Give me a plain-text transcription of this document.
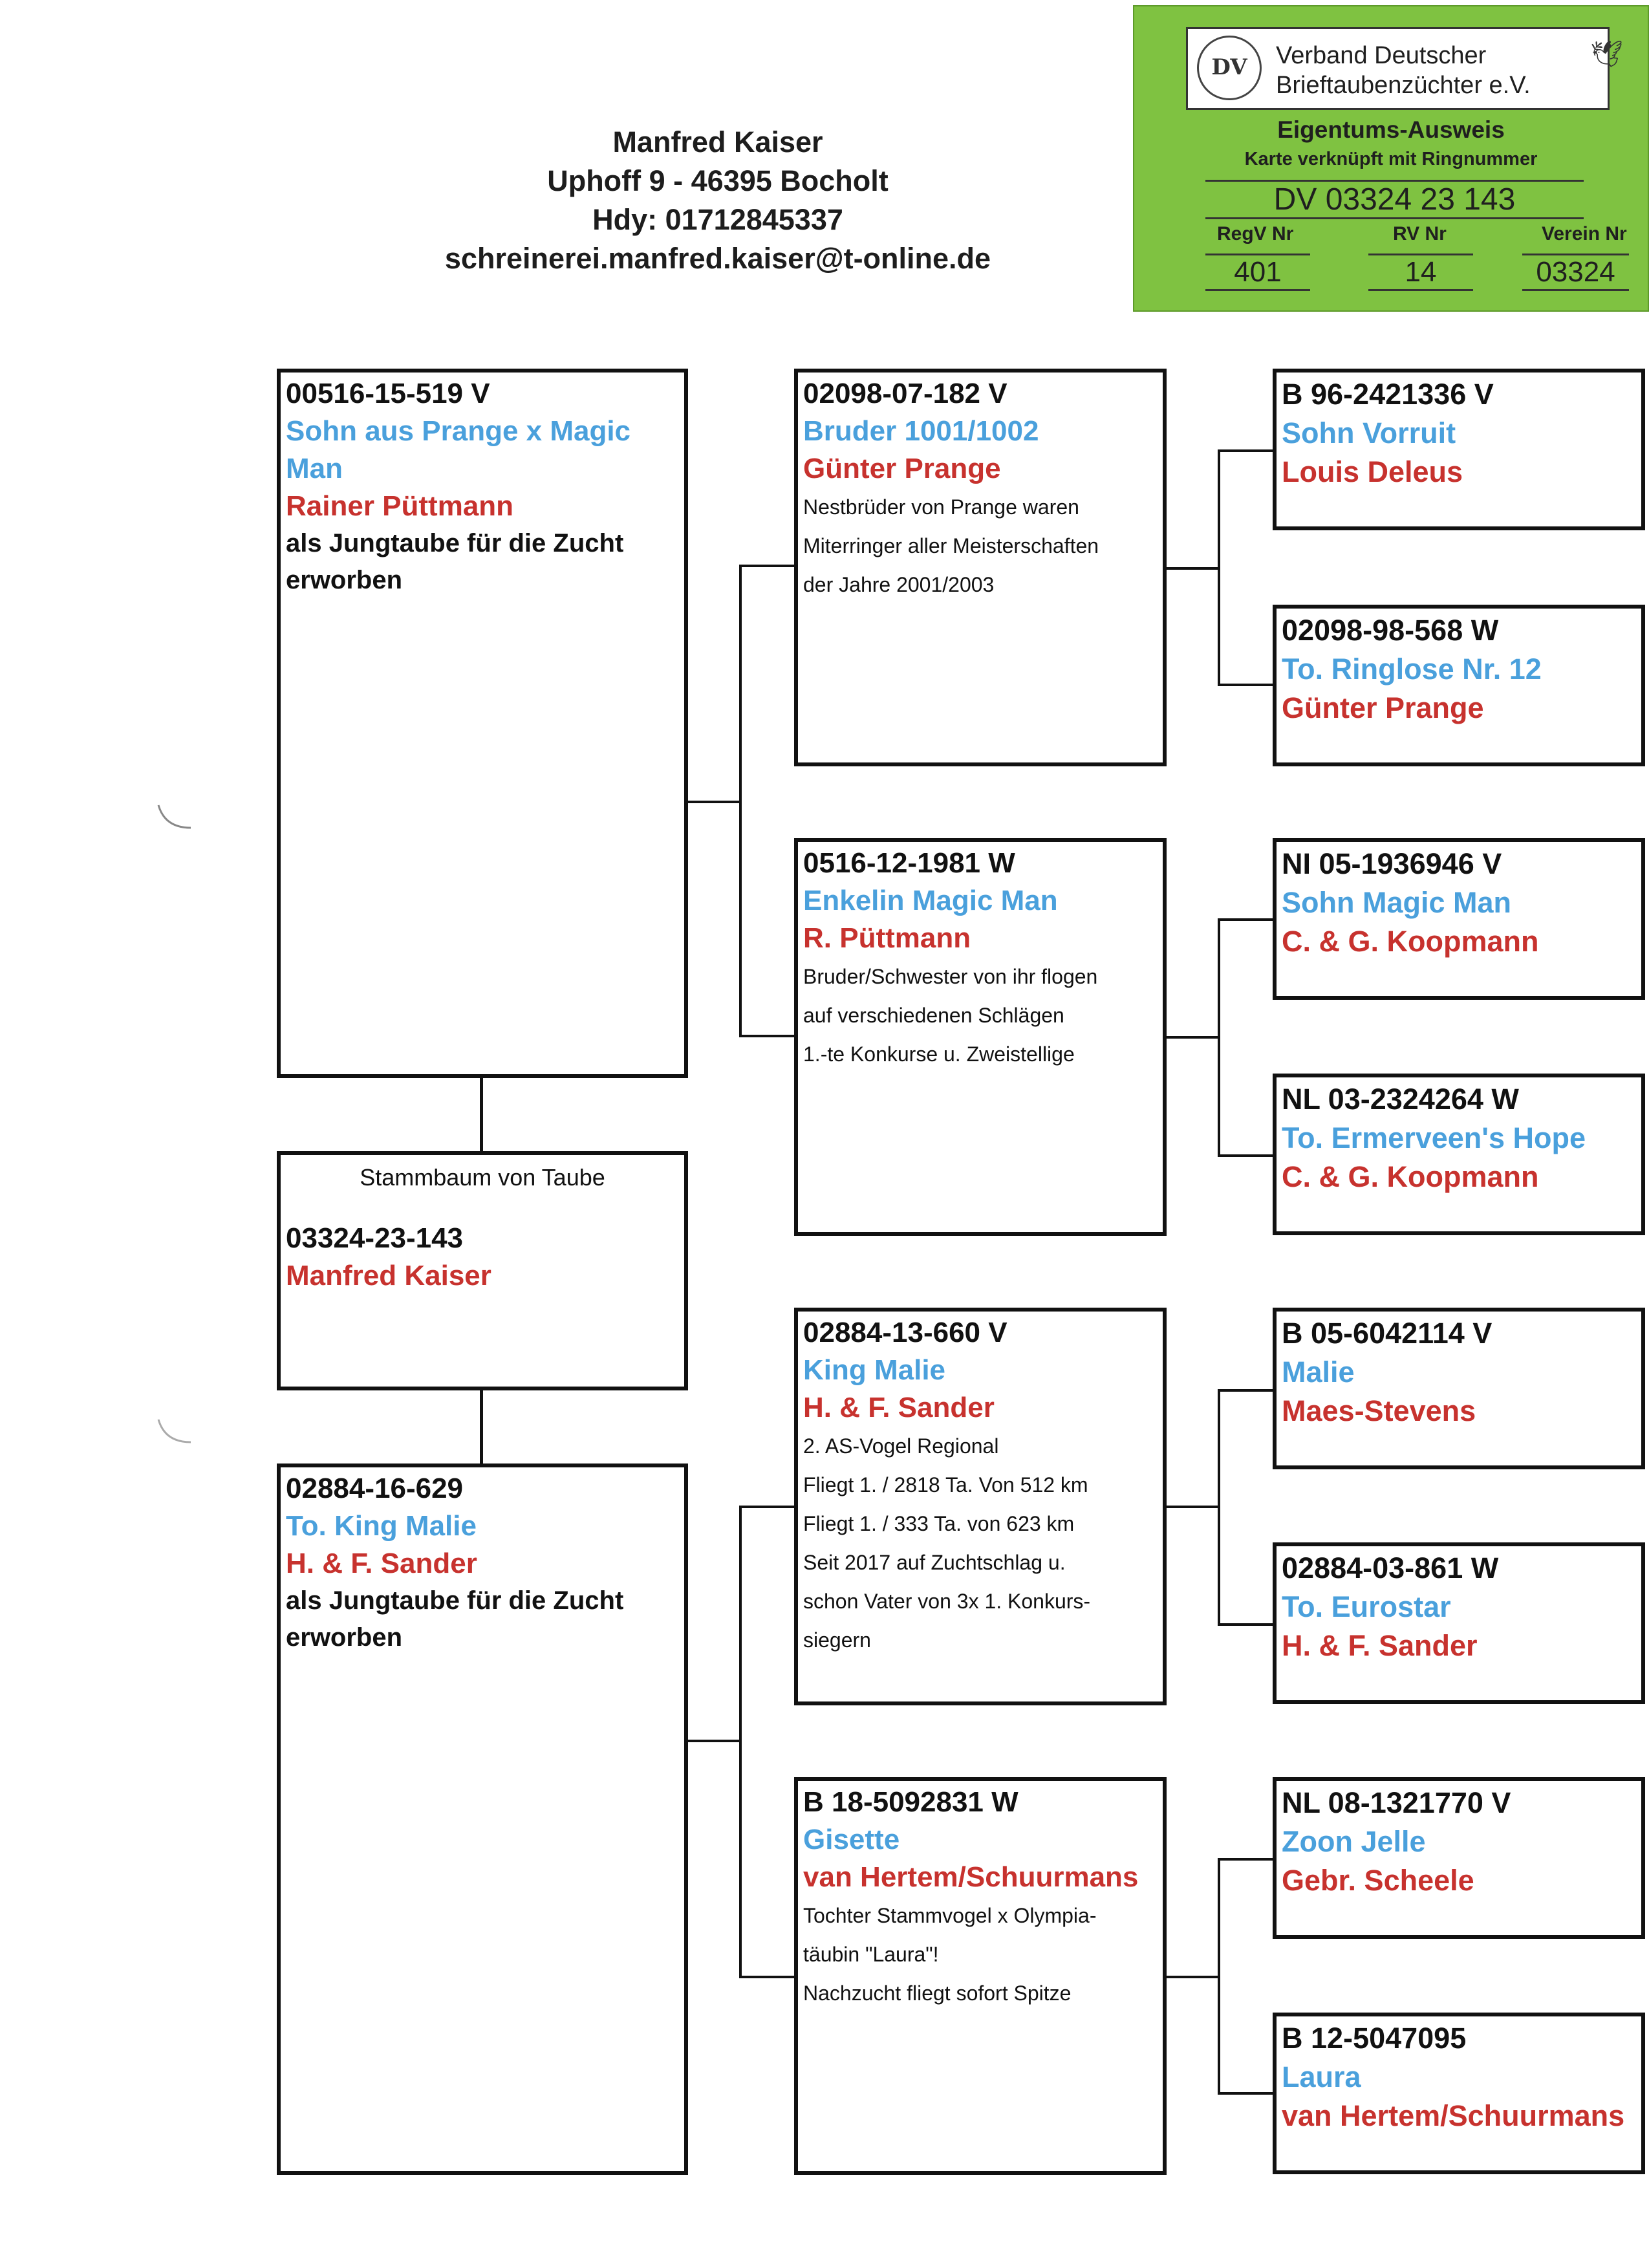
Manfred Kaiser
Uphoff 9 - 46395 Bocholt
Hdy: 01712845337
schreinerei.manfred.kaiser@t-online.de
DV	Verband Deutscher
Brieftaubenzüchter e.V.
🕊
Eigentums-Ausweis
Karte verknüpft mit Ringnummer
DV 03324 23 143
RegV Nr	RV Nr	Verein Nr
401	14	03324
00516-15-519 V
Sohn aus Prange x Magic Man
Rainer Püttmann
als Jungtaube für die Zucht erworben
Stammbaum von Taube
03324-23-143
Manfred Kaiser
02884-16-629
To. King Malie
H. & F. Sander
als Jungtaube für die Zucht erworben
02098-07-182 V
Bruder 1001/1002
Günter Prange
Nestbrüder von Prange waren
Miterringer aller Meisterschaften
der Jahre 2001/2003
0516-12-1981 W
Enkelin Magic Man
R. Püttmann
Bruder/Schwester von ihr flogen
auf verschiedenen Schlägen
1.-te Konkurse u. Zweistellige
02884-13-660 V
King Malie
H. & F. Sander
2. AS-Vogel Regional
Fliegt 1. / 2818 Ta. Von 512 km
Fliegt 1. / 333 Ta. von 623 km
Seit 2017 auf Zuchtschlag u.
schon Vater von 3x 1. Konkurs-
siegern
B 18-5092831 W
Gisette
van Hertem/Schuurmans
Tochter Stammvogel x Olympia-
täubin "Laura"!
Nachzucht fliegt sofort Spitze
B 96-2421336 V
Sohn Vorruit
Louis Deleus
02098-98-568 W
To. Ringlose Nr. 12
Günter Prange
NI 05-1936946 V
Sohn Magic Man
C. & G. Koopmann
NL 03-2324264 W
To. Ermerveen's Hope
C. & G. Koopmann
B 05-6042114 V
Malie
Maes-Stevens
02884-03-861 W
To. Eurostar
H. & F. Sander
NL 08-1321770 V
Zoon Jelle
Gebr. Scheele
B 12-5047095
Laura
van Hertem/Schuurmans
